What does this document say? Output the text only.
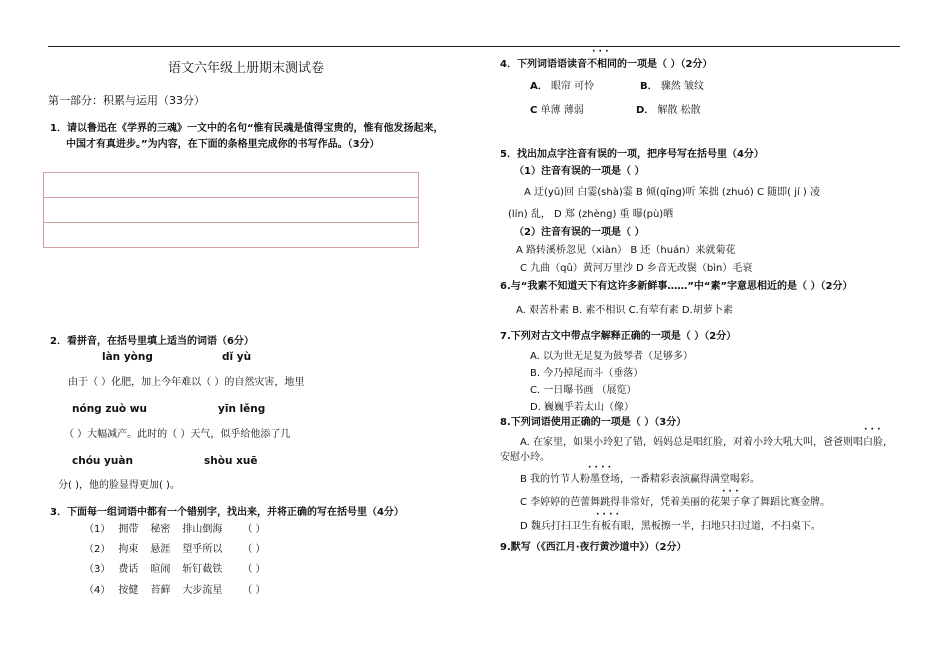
语文六年级上册期末测试卷
第一部分：积累与运用（33分）
1．请以鲁迅在《学界的三魂》一文中的名句“惟有民魂是值得宝贵的，惟有他发扬起来，
中国才有真进步。”为内容，在下面的条格里完成你的书写作品。（3分）
2．看拼音，在括号里填上适当的词语（6分）
làn yòng	dǐ yù
由于（ ）化肥，加上今年难以（ ）的自然灾害，地里
nóng zuò wu	yīn lěng
（ ）大幅减产。此时的（ ）天气，似乎给他添了几
chóu yuàn	shòu xuē
分( )，他的脸显得更加( )。
3．下面每一组词语中都有一个错别字，找出来，并将正确的写在括号里（4分）
（1） 拥带 秘密 排山倒海 （ ）
（2） 拘束 悬涯 望乎所以 （ ）
（3） 费话 暄闹 斩钉截铁 （ ）
（4） 按健 苔藓 大步流星 （ ）
· · ·
4．下列词语语读音不相同的一项是（ ）（2分）
A． 眼帘 可怜	B． 骤然 皱纹
C 单薄 薄弱	D． 解散 松散
5．找出加点字注音有误的一项，把序号写在括号里（4分）
（1）注音有误的一项是（ ）
A 迂(yū)回 白霎(shà)霎 B 倾(qīng)听 笨拙 (zhuó) C 随即( jí ) 凌
(lín) 乱， D 郑 (zhèng) 重 曝(pù)晒
（2）注音有误的一项是（ ）
A 路转溪桥忽见（xiàn） B 还（huán）来就菊花
C 九曲（qū）黄河万里沙 D 乡音无改鬓（bìn）毛衰
6.与“我素不知道天下有这许多新鲜事……”中“素”字意思相近的是（ ）（2分）
A. 艰苦朴素 B. 素不相识 C.有荤有素 D.胡萝卜素
7.下列对古文中带点字解释正确的一项是（ ）（2分）
A. 以为世无足复为鼓琴者（足够多）
B. 今乃掉尾而斗（垂落）
C. 一日曝书画 （展览）
D. 巍巍乎若太山（像）
8.下列词语使用正确的一项是（ ）（3分）
· · ·
A. 在家里，如果小玲犯了错，妈妈总是唱红脸，对着小玲大吼大叫，爸爸则唱白脸，
安慰小玲。
· · · ·
B 我的竹节人粉墨登场，一番精彩表演赢得满堂喝彩。
· · ·
C 李婷婷的芭蕾舞跳得非常好，凭着美丽的花架子拿了舞蹈比赛金牌。
· · · ·
D 魏兵打扫卫生有板有眼，黑板擦一半，扫地只扫过道，不扫桌下。
9.默写（《西江月·夜行黄沙道中》）（2分）
